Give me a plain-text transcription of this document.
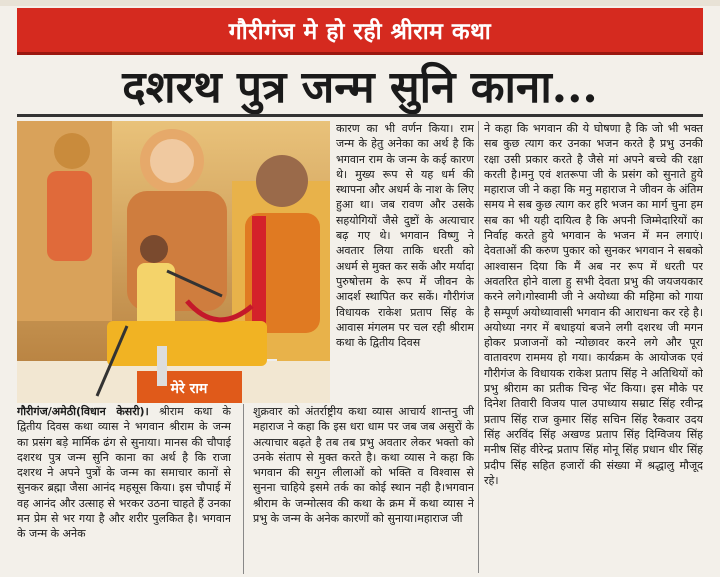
गौरीगंज मे हो रही श्रीराम कथा
दशरथ पुत्र जन्म सुनि काना...
मेरे राम

कारण का भी वर्णन किया। राम जन्म के हेतु अनेका का अर्थ है कि भगवान राम के जन्म के कई कारण थे। मुख्य रूप से यह धर्म की स्थापना और अधर्म के नाश के लिए हुआ था। जब रावण और उसके सहयोगियों जैसे दुष्टों के अत्याचार बढ़ गए थे। भगवान विष्णु ने अवतार लिया ताकि धरती को अधर्म से मुक्त कर सकें और मर्यादा पुरुषोत्तम के रूप में जीवन के आदर्श स्थापित कर सकें। गौरीगंज विधायक राकेश प्रताप सिंह के आवास मंगलम पर चल रही श्रीराम कथा के द्वितीय दिवस

गौरीगंज/अमेठी(विधान केसरी)। श्रीराम कथा के द्वितीय दिवस कथा व्यास ने भगवान श्रीराम के जन्म का प्रसंग बड़े मार्मिक ढंग से सुनाया। मानस की चौपाई दशरथ पुत्र जन्म सुनि काना का अर्थ है कि राजा दशरथ ने अपने पुत्रों के जन्म का समाचार कानों से सुनकर ब्रह्मा जैसा आनंद महसूस किया। इस चौपाई में वह आनंद और उत्साह से भरकर उठना चाहते हैं उनका मन प्रेम से भर गया है और शरीर पुलकित है। भगवान के जन्म के अनेक

शुक्रवार को अंतर्राष्ट्रीय कथा व्यास आचार्य शान्तनु जी महाराज ने कहा कि इस धरा धाम पर जब जब असुरों के अत्याचार बढ़ते है तब तब प्रभु अवतार लेकर भक्तो को उनके संताप से मुक्त करते है। कथा व्यास ने कहा कि भगवान की सगुन लीलाओं को भक्ति व विश्वास से सुनना चाहिये इसमे तर्क का कोई स्थान नही है।भगवान श्रीराम के जन्मोत्सव की कथा के क्रम में कथा व्यास ने प्रभु के जन्म के अनेक कारणों को सुनाया।महाराज जी

ने कहा कि भगवान की ये घोषणा है कि जो भी भक्त सब कुछ त्याग कर उनका भजन करते है प्रभु उनकी रक्षा उसी प्रकार करते है जैसे मां अपने बच्चे की रक्षा करती है।मनु एवं शतरूपा जी के प्रसंग को सुनाते हुये महाराज जी ने कहा कि मनु महाराज ने जीवन के अंतिम समय मे सब कुछ त्याग कर हरि भजन का मार्ग चुना हम सब का भी यही दायित्व है कि अपनी जिम्मेदारियों का निर्वाह करते हुये भगवान के भजन में मन लगाएं।देवताओं की करुण पुकार को सुनकर भगवान ने सबको आश्वासन दिया कि मैं अब नर रूप में धरती पर अवतरित होने वाला हु सभी देवता प्रभु की जयजयकार करने लगे।गोस्वामी जी ने अयोध्या की महिमा को गाया है सम्पूर्ण अयोध्यावासी भगवान की आराधना कर रहे है।अयोध्या नगर में बधाइयां बजने लगी दशरथ जी मगन होकर प्रजाजनों को न्योछावर करने लगे और पूरा वातावरण राममय हो गया। कार्यक्रम के आयोजक एवं गौरीगंज के विधायक राकेश प्रताप सिंह ने अतिथियों को प्रभु श्रीराम का प्रतीक चिन्ह भेंट किया। इस मौके पर दिनेश तिवारी विजय पाल उपाध्याय सम्राट सिंह रवीन्द्र प्रताप सिंह राज कुमार सिंह सचिन सिंह रैकवार उदय सिंह अरविंद सिंह अखण्ड प्रताप सिंह दिग्विजय सिंह मनीष सिंह वीरेन्द्र प्रताप सिंह मोनू सिंह प्रधान धीर सिंह प्रदीप सिंह सहित हजारों की संख्या में श्रद्धालु मौजूद रहे।
